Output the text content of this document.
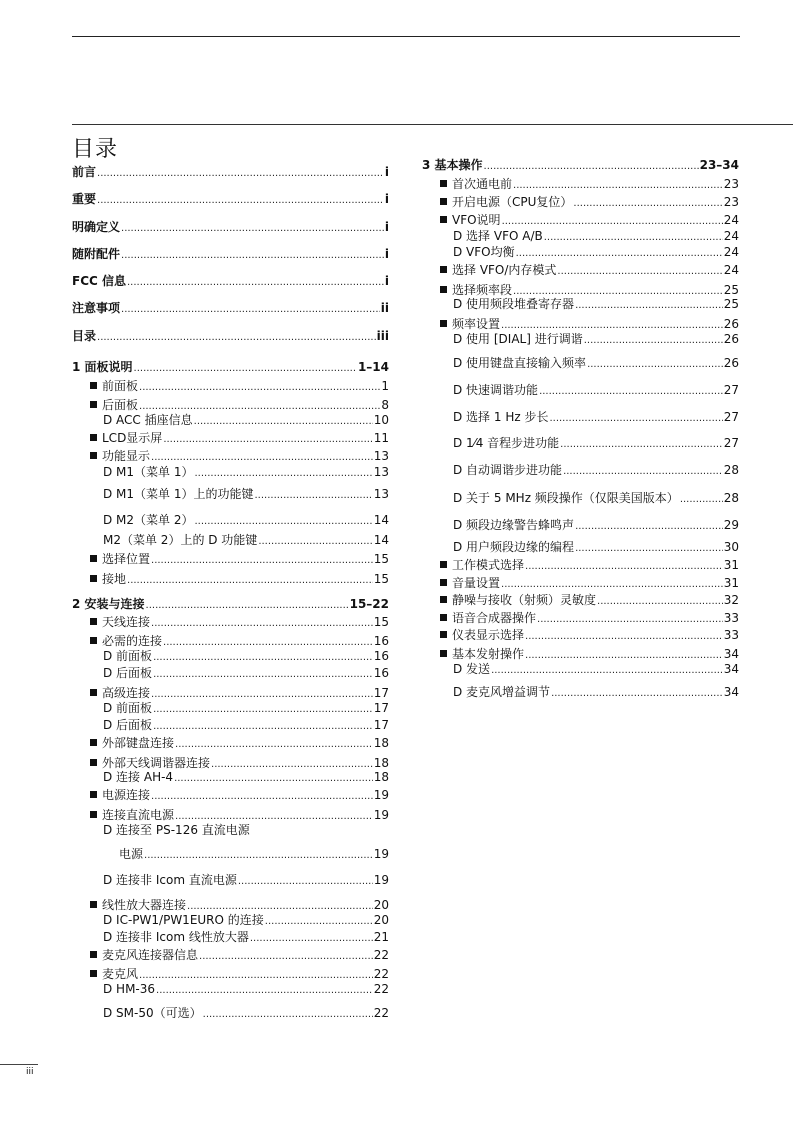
目录
前言 .....	i
重要 .....	i
明确定义 .....	i
随附配件 .....	i
FCC 信息 .....	i
注意事项 .....	ii
目录 .....	iii
1 面板说明 .....	1–14
前面板 .....	1
后面板 .....	8
D ACC 插座信息 .....	10
LCD显示屏 .....	11
功能显示 .....	13
D M1（菜单 1） .....	13
D M1（菜单 1）上的功能键 .....	13
D M2（菜单 2） .....	14
M2（菜单 2）上的 D 功能键 .....	14
选择位置 .....	15
接地 .....	15
2 安装与连接 .....	15–22
天线连接 .....	15
必需的连接 .....	16
D 前面板 .....	16
D 后面板 .....	16
高级连接 .....	17
D 前面板 .....	17
D 后面板 .....	17
外部键盘连接 .....	18
外部天线调谐器连接 .....	18
D 连接 AH-4 .....	18
电源连接 .....	19
连接直流电源 .....	19
D 连接至 PS-126 直流电源
电源 .....	19
D 连接非 Icom 直流电源 .....	19
线性放大器连接 .....	20
D IC-PW1/PW1EURO 的连接 .....	20
D 连接非 Icom 线性放大器 .....	21
麦克风连接器信息 .....	22
麦克风 .....	22
D HM-36 .....	22
D SM-50（可选） .....	22
3 基本操作 .....	23–34
首次通电前 .....	23
开启电源（CPU复位） .....	23
VFO说明 .....	24
D 选择 VFO A/B .....	24
D VFO均衡 .....	24
选择 VFO/内存模式 .....	24
选择频率段 .....	25
D 使用频段堆叠寄存器 .....	25
频率设置 .....	26
D 使用 [DIAL] 进行调谐 .....	26
D 使用键盘直接输入频率 .....	26
D 快速调谐功能 .....	27
D 选择 1 Hz 步长 .....	27
D 1⁄4 音程步进功能 .....	27
D 自动调谐步进功能 .....	28
D 关于 5 MHz 频段操作（仅限美国版本） .....	28
D 频段边缘警告蜂鸣声 .....	29
D 用户频段边缘的编程 .....	30
工作模式选择 .....	31
音量设置 .....	31
静噪与接收（射频）灵敏度 .....	32
语音合成器操作 .....	33
仪表显示选择 .....	33
基本发射操作 .....	34
D 发送 .....	34
D 麦克风增益调节 .....	34
iii
